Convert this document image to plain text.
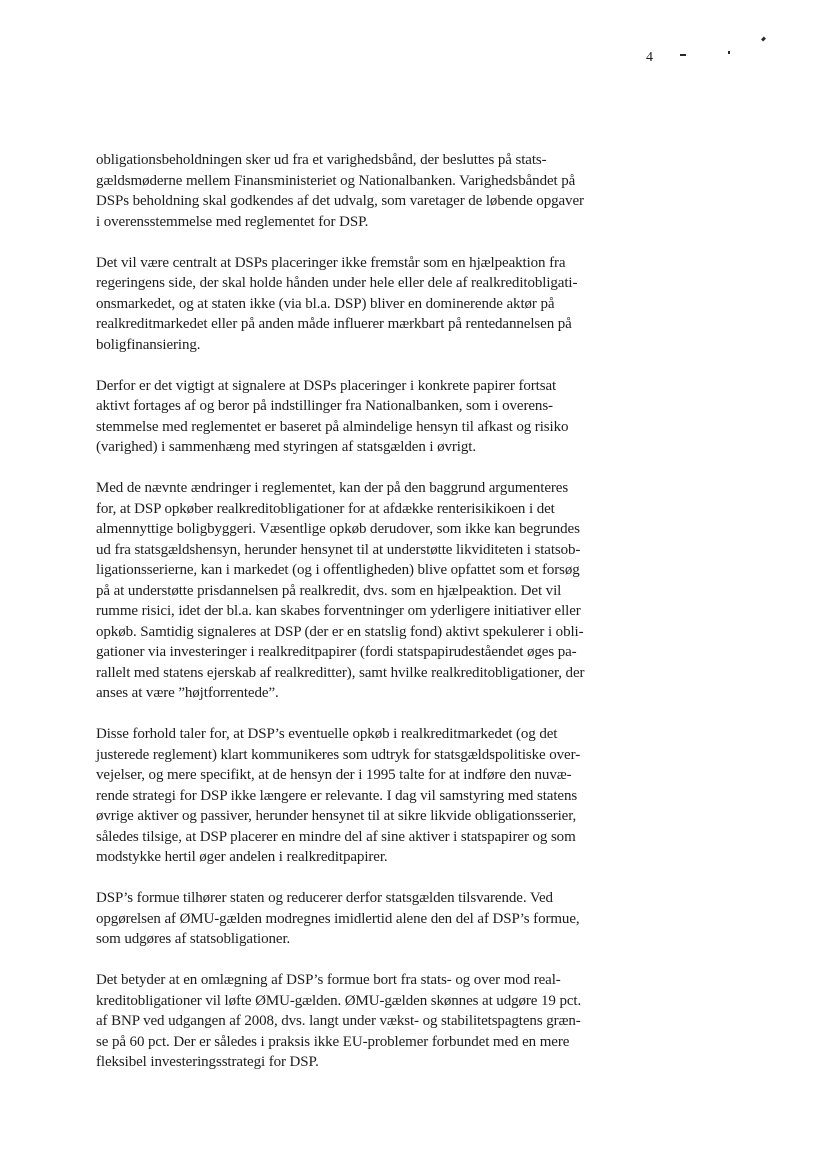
4
obligationsbeholdningen sker ud fra et varighedsbånd, der besluttes på stats-
gældsmøderne mellem Finansministeriet og Nationalbanken. Varighedsbåndet på
DSPs beholdning skal godkendes af det udvalg, som varetager de løbende opgaver
i overensstemmelse med reglementet for DSP.
Det vil være centralt at DSPs placeringer ikke fremstår som en hjælpeaktion fra
regeringens side, der skal holde hånden under hele eller dele af realkreditobligati-
onsmarkedet, og at staten ikke (via bl.a. DSP) bliver en dominerende aktør på
realkreditmarkedet eller på anden måde influerer mærkbart på rentedannelsen på
boligfinansiering.
Derfor er det vigtigt at signalere at DSPs placeringer i konkrete papirer fortsat
aktivt fortages af og beror på indstillinger fra Nationalbanken, som i overens-
stemmelse med reglementet er baseret på almindelige hensyn til afkast og risiko
(varighed) i sammenhæng med styringen af statsgælden i øvrigt.
Med de nævnte ændringer i reglementet, kan der på den baggrund argumenteres
for, at DSP opkøber realkreditobligationer for at afdække renterisikikoen i det
almennyttige boligbyggeri. Væsentlige opkøb derudover, som ikke kan begrundes
ud fra statsgældshensyn, herunder hensynet til at understøtte likviditeten i statsob-
ligationsserierne, kan i markedet (og i offentligheden) blive opfattet som et forsøg
på at understøtte prisdannelsen på realkredit, dvs. som en hjælpeaktion. Det vil
rumme risici, idet der bl.a. kan skabes forventninger om yderligere initiativer eller
opkøb. Samtidig signaleres at DSP (der er en statslig fond) aktivt spekulerer i obli-
gationer via investeringer i realkreditpapirer (fordi statspapirudeståendet øges pa-
rallelt med statens ejerskab af realkreditter), samt hvilke realkreditobligationer, der
anses at være ”højtforrentede”.
Disse forhold taler for, at DSP’s eventuelle opkøb i realkreditmarkedet (og det
justerede reglement) klart kommunikeres som udtryk for statsgældspolitiske over-
vejelser, og mere specifikt, at de hensyn der i 1995 talte for at indføre den nuvæ-
rende strategi for DSP ikke længere er relevante. I dag vil samstyring med statens
øvrige aktiver og passiver, herunder hensynet til at sikre likvide obligationsserier,
således tilsige, at DSP placerer en mindre del af sine aktiver i statspapirer og som
modstykke hertil øger andelen i realkreditpapirer.
DSP’s formue tilhører staten og reducerer derfor statsgælden tilsvarende. Ved
opgørelsen af ØMU-gælden modregnes imidlertid alene den del af DSP’s formue,
som udgøres af statsobligationer.
Det betyder at en omlægning af DSP’s formue bort fra stats- og over mod real-
kreditobligationer vil løfte ØMU-gælden. ØMU-gælden skønnes at udgøre 19 pct.
af BNP ved udgangen af 2008, dvs. langt under vækst- og stabilitetspagtens græn-
se på 60 pct. Der er således i praksis ikke EU-problemer forbundet med en mere
fleksibel investeringsstrategi for DSP.
